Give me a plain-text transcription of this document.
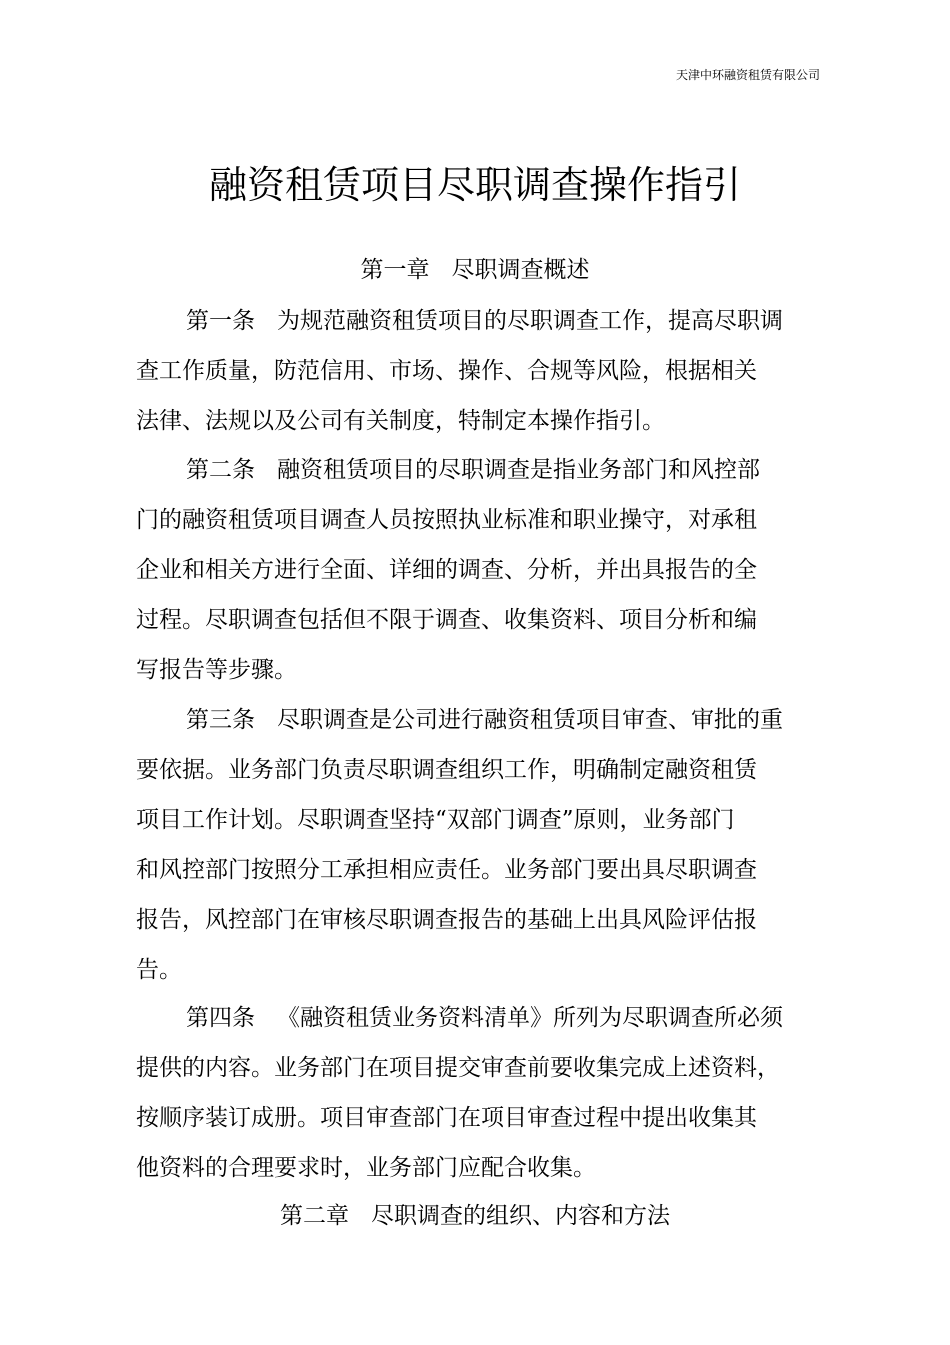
天津中环融资租赁有限公司
融资租赁项目尽职调查操作指引
第一章 尽职调查概述
第一条 为规范融资租赁项目的尽职调查工作，提高尽职调
查工作质量，防范信用、市场、操作、合规等风险，根据相关
法律、法规以及公司有关制度，特制定本操作指引。
第二条 融资租赁项目的尽职调查是指业务部门和风控部
门的融资租赁项目调查人员按照执业标准和职业操守，对承租
企业和相关方进行全面、详细的调查、分析，并出具报告的全
过程。尽职调查包括但不限于调查、收集资料、项目分析和编
写报告等步骤。
第三条 尽职调查是公司进行融资租赁项目审查、审批的重
要依据。业务部门负责尽职调查组织工作，明确制定融资租赁
项目工作计划。尽职调查坚持“双部门调查”原则，业务部门
和风控部门按照分工承担相应责任。业务部门要出具尽职调查
报告，风控部门在审核尽职调查报告的基础上出具风险评估报
告。
第四条 《融资租赁业务资料清单》所列为尽职调查所必须
提供的内容。业务部门在项目提交审查前要收集完成上述资料，
按顺序装订成册。项目审查部门在项目审查过程中提出收集其
他资料的合理要求时，业务部门应配合收集。
第二章 尽职调查的组织、内容和方法
